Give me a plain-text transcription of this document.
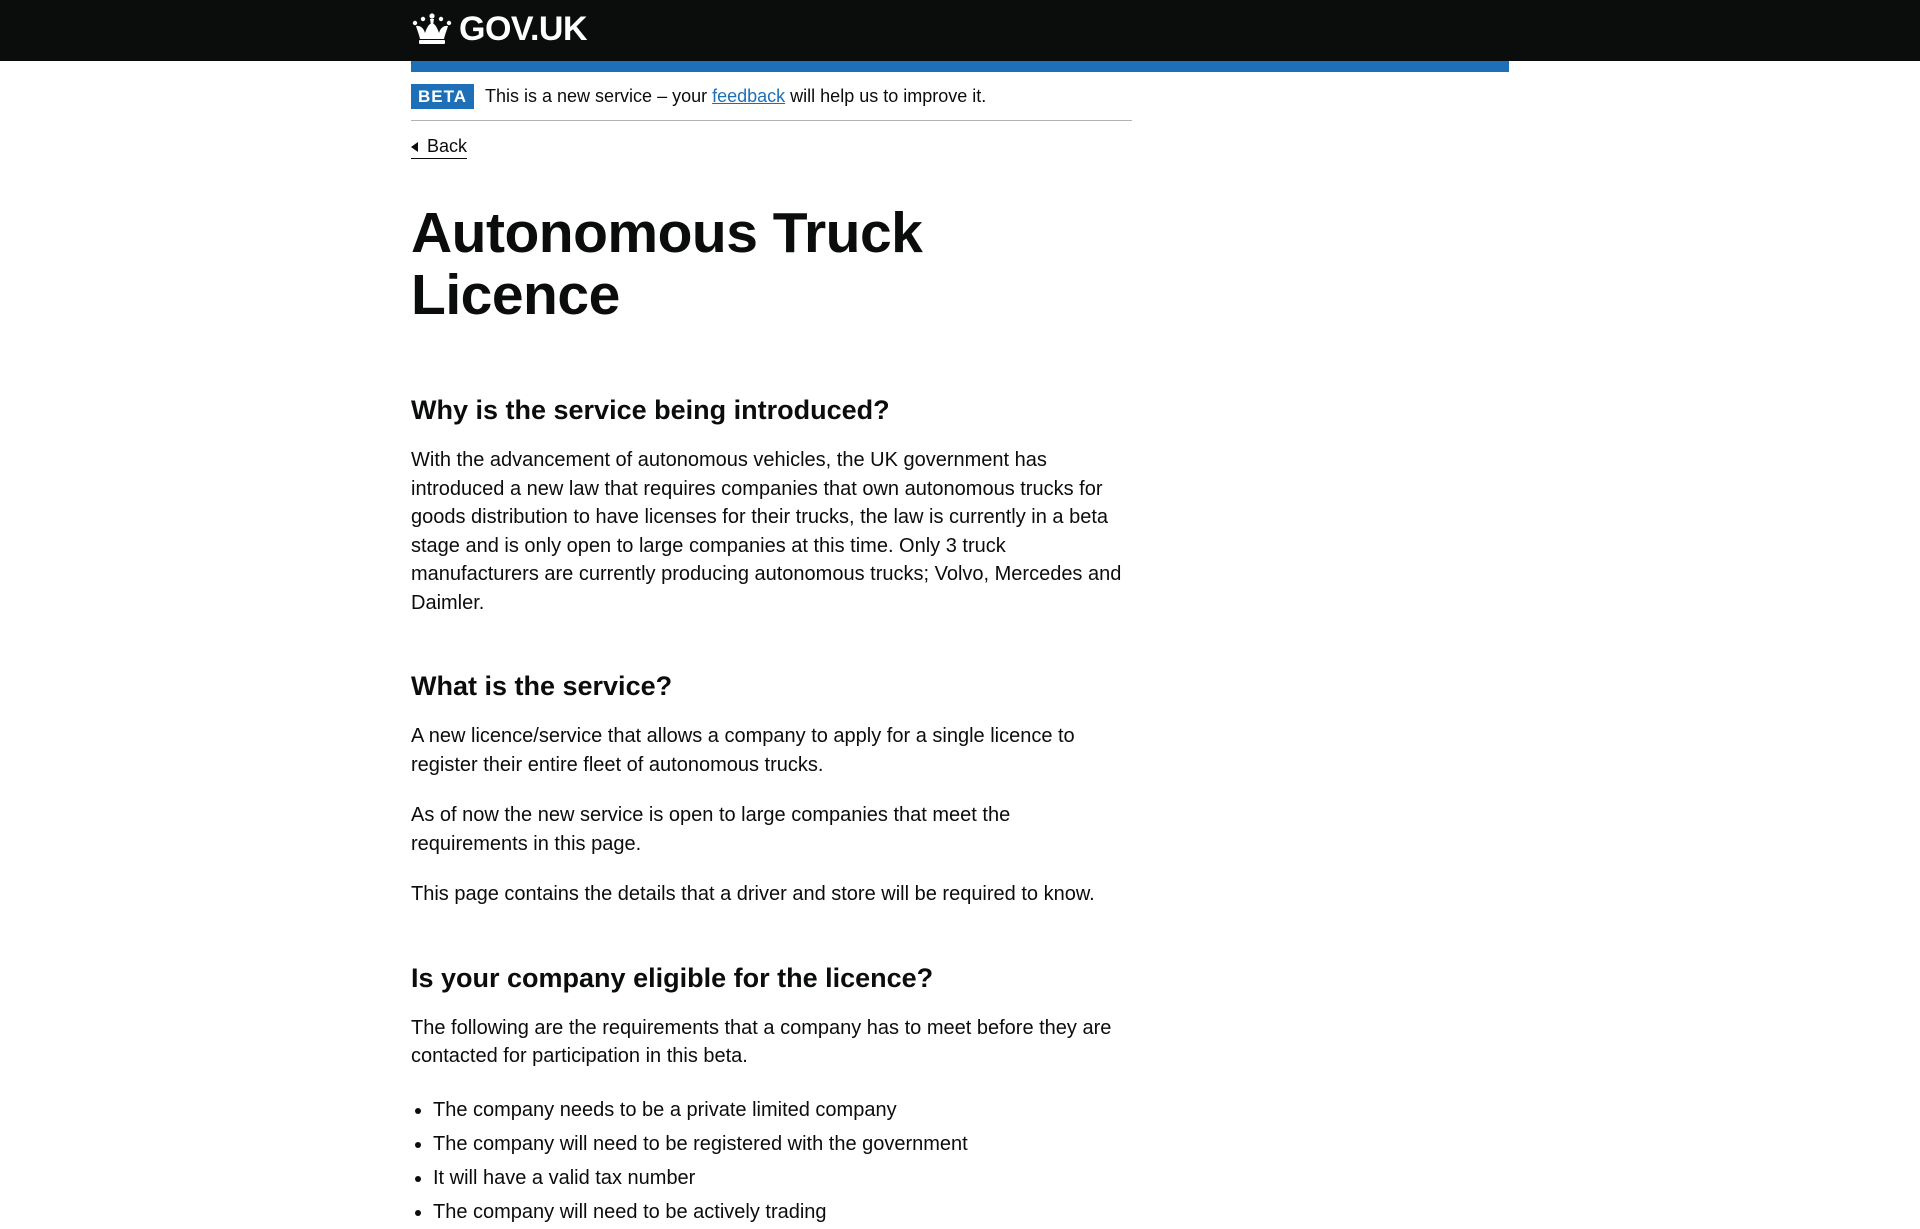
GOV.UK
BETA	This is a new service – your feedback will help us to improve it.
Back
Autonomous Truck Licence
Why is the service being introduced?

With the advancement of autonomous vehicles, the UK government has introduced a new law that requires companies that own autonomous trucks for goods distribution to have licenses for their trucks, the law is currently in a beta stage and is only open to large companies at this time. Only 3 truck manufacturers are currently producing autonomous trucks; Volvo, Mercedes and Daimler.

What is the service?

A new licence/service that allows a company to apply for a single licence to register their entire fleet of autonomous trucks.

As of now the new service is open to large companies that meet the requirements in this page.

This page contains the details that a driver and store will be required to know.

Is your company eligible for the licence?

The following are the requirements that a company has to meet before they are contacted for participation in this beta.

• The company needs to be a private limited company
• The company will need to be registered with the government
• It will have a valid tax number
• The company will need to be actively trading
